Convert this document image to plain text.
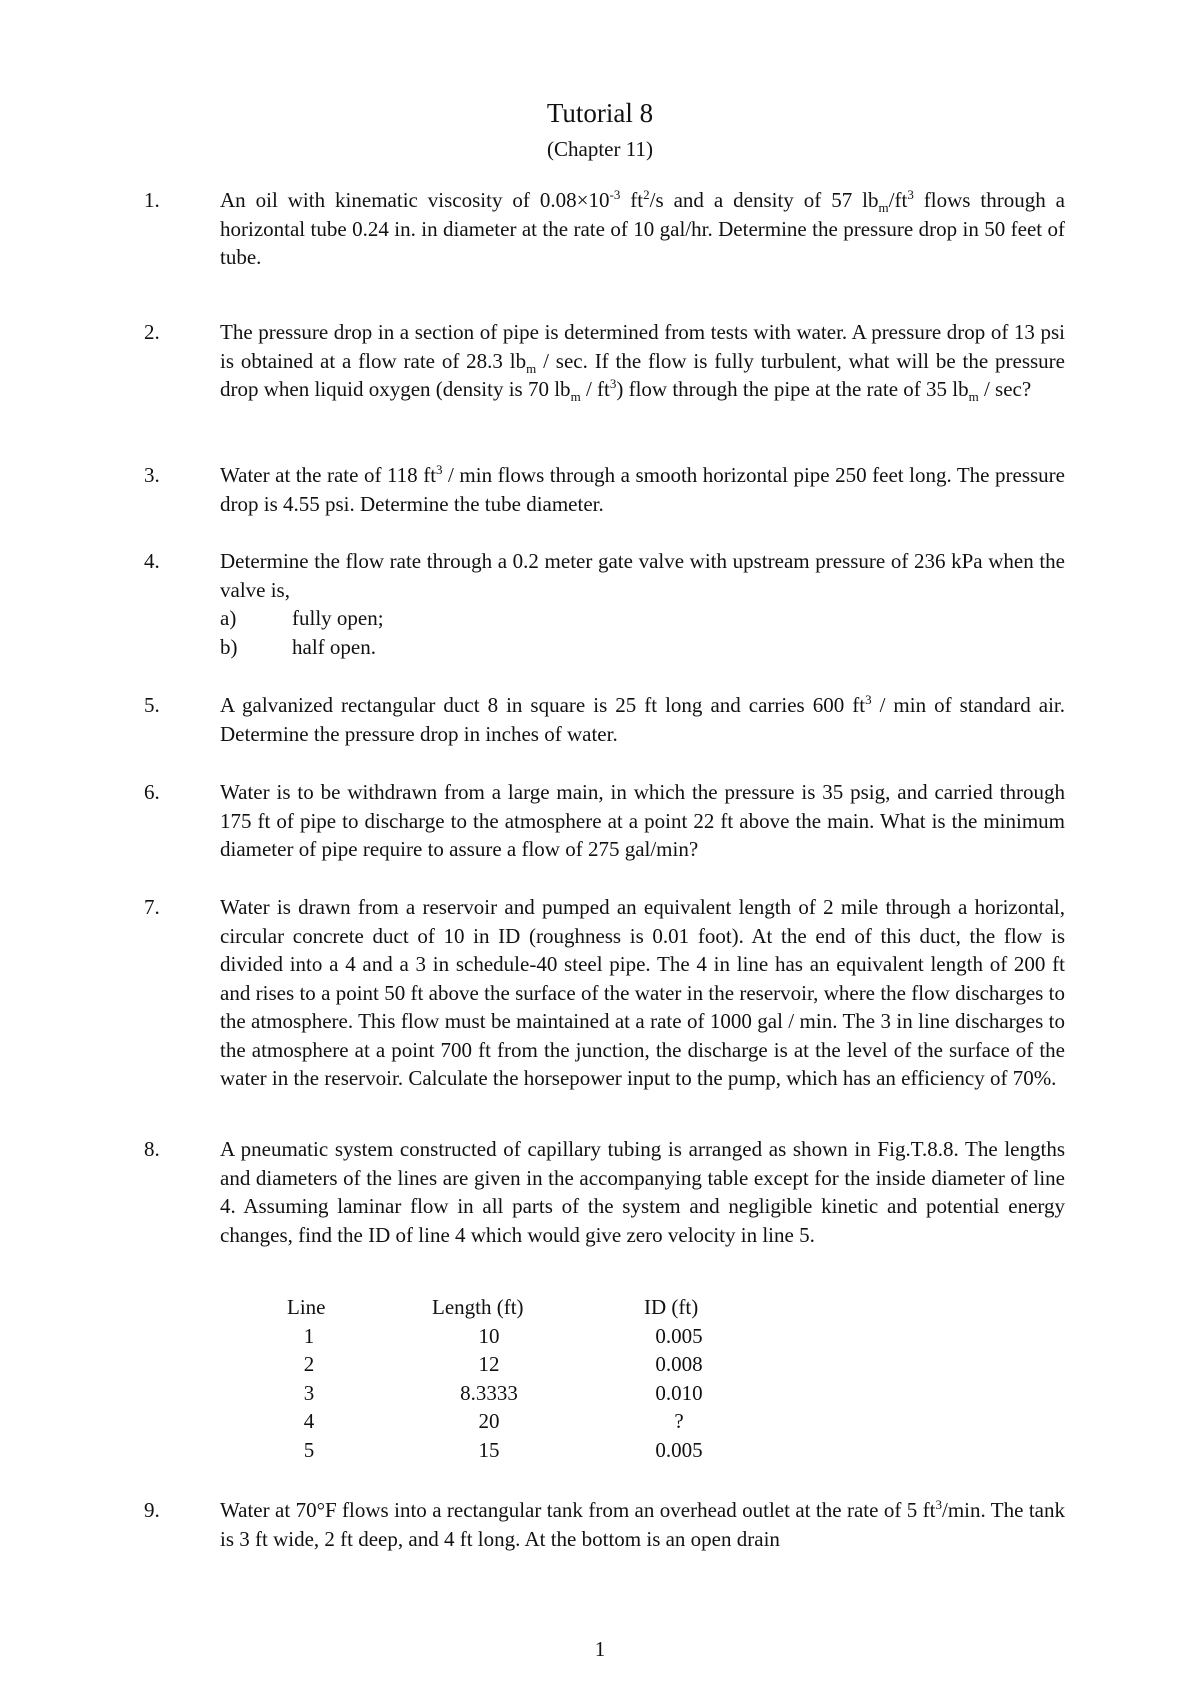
Tutorial 8
(Chapter 11)
1.	An oil with kinematic viscosity of $0.08\times 10^{-3}$ $ft^2/s$ and a density of 57 $lb_m/ft^3$ flows through a horizontal tube 0.24 in. in diameter at the rate of 10 gal/hr. Determine the pressure drop in 50 feet of tube.

2.	The pressure drop in a section of pipe is determined from tests with water. A pressure drop of 13 psi is obtained at a flow rate of 28.3 $lb_m$ / sec. If the flow is fully turbulent, what will be the pressure drop when liquid oxygen (density is 70 $lb_m / ft^3$) flow through the pipe at the rate of 35 $lb_m$ / sec?

3.	Water at the rate of 118 $ft^3$ / min flows through a smooth horizontal pipe 250 feet long. The pressure drop is 4.55 psi. Determine the tube diameter.

4.	Determine the flow rate through a 0.2 meter gate valve with upstream pressure of 236 kPa when the valve is,

a)	fully open;
b)	half open.
5.	A galvanized rectangular duct 8 in square is 25 ft long and carries 600 $ft^3$ / min of standard air. Determine the pressure drop in inches of water.

6.	Water is to be withdrawn from a large main, in which the pressure is 35 psig, and carried through 175 ft of pipe to discharge to the atmosphere at a point 22 ft above the main. What is the minimum diameter of pipe require to assure a flow of 275 gal/min?
7.	Water is drawn from a reservoir and pumped an equivalent length of 2 mile through a horizontal, circular concrete duct of 10 in ID (roughness is 0.01 foot). At the end of this duct, the flow is divided into a 4 and a 3 in schedule-40 steel pipe. The 4 in line has an equivalent length of 200 ft and rises to a point 50 ft above the surface of the water in the reservoir, where the flow discharges to the atmosphere. This flow must be maintained at a rate of 1000 gal / min. The 3 in line discharges to the atmosphere at a point 700 ft from the junction, the discharge is at the level of the surface of the water in the reservoir. Calculate the horsepower input to the pump, which has an efficiency of 70%.
8.	A pneumatic system constructed of capillary tubing is arranged as shown in Fig.T.8.8. The lengths and diameters of the lines are given in the accompanying table except for the inside diameter of line 4. Assuming laminar flow in all parts of the system and negligible kinetic and potential energy changes, find the ID of line 4 which would give zero velocity in line 5.
Line	Length (ft)	ID (ft)
1	10	0.005
2	12	0.008
3	8.3333	0.010
4	20	?
5	15	0.005
9.	Water at 70°F flows into a rectangular tank from an overhead outlet at the rate of 5 $ft^3/\min$. The tank is 3 ft wide, 2 ft deep, and 4 ft long. At the bottom is an open drain

1
